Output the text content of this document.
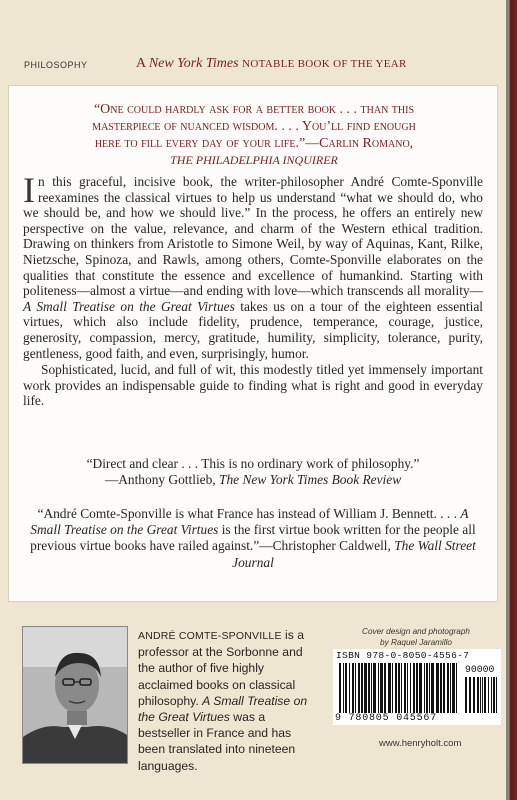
PHILOSOPHY	A New York Times NOTABLE BOOK OF THE YEAR
“One could hardly ask for a better book . . . than this
masterpiece of nuanced wisdom. . . . You’ll find enough
here to fill every day of your life.”—Carlin Romano,
THE PHILADELPHIA INQUIRER

In this graceful, incisive book, the writer-philosopher André Comte-Sponville reexamines the classical virtues to help us understand “what we should do, who we should be, and how we should live.” In the process, he offers an entirely new perspective on the value, relevance, and charm of the Western ethical tradition. Drawing on thinkers from Aristotle to Simone Weil, by way of Aquinas, Kant, Rilke, Nietzsche, Spinoza, and Rawls, among others, Comte-Sponville elaborates on the qualities that constitute the essence and excellence of humankind. Starting with politeness—almost a virtue—and ending with love—which transcends all morality—A Small Treatise on the Great Virtues takes us on a tour of the eighteen essential virtues, which also include fidelity, prudence, temperance, courage, justice, generosity, compassion, mercy, gratitude, humility, simplicity, tolerance, purity, gentleness, good faith, and even, surprisingly, humor.

Sophisticated, lucid, and full of wit, this modestly titled yet immensely important work provides an indispensable guide to finding what is right and good in everyday life.

“Direct and clear . . . This is no ordinary work of philosophy.”
—Anthony Gottlieb, The New York Times Book Review
“André Comte-Sponville is what France has instead of William J. Bennett. . . . A Small Treatise on the Great Virtues is the first virtue book written for the people all previous virtue books have railed against.”—Christopher Caldwell, The Wall Street Journal
ANDRÉ COMTE-SPONVILLE is a professor at the Sorbonne and the author of five highly acclaimed books on classical philosophy. A Small Treatise on the Great Virtues was a bestseller in France and has been translated into nineteen languages.
Cover design and photograph
by Raquel Jaramillo
ISBN 978-0-8050-4556-7
90000
9 780805 045567
www.henryholt.com
